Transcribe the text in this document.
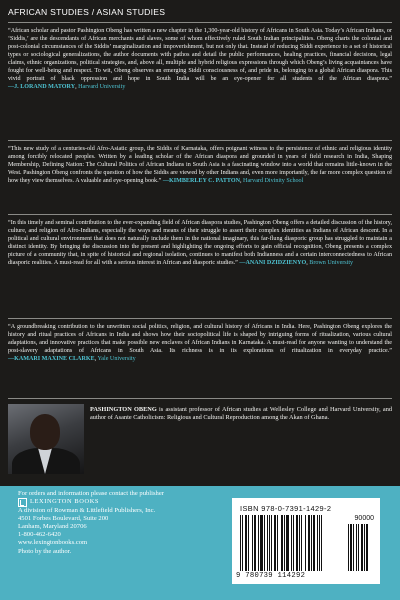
AFRICAN STUDIES / ASIAN STUDIES
“African scholar and pastor Pashington Obeng has written a new chapter in the 1,300-year-old history of Africans in South Asia. Today’s African Indians, or ‘Siddis,’ are the descendants of African merchants and slaves, some of whom effectively ruled South Indian principalities. Obeng charts the colonial and post-colonial circumstances of the Siddis’ marginalization and impoverishment, but not only that. Instead of reducing Siddi experience to a set of historical types or sociological generalizations, the author documents with pathos and detail the public performances, healing practices, financial decisions, legal claims, ethnic organizations, political strategies, and, above all, multiple and hybrid religious expressions through which Obeng’s living acquaintances have fought for well-being and respect. To wit, Obeng observes an emerging Siddi consciousness of, and pride in, belonging to a global African diaspora. This vivid portrait of black oppression and hope in South India will be an eye-opener for all students of the African diaspora.” —J. LORAND MATORY, Harvard University
“This new study of a centuries-old Afro-Asiatic group, the Siddis of Karnataka, offers poignant witness to the persistence of ethnic and religious identity among forcibly relocated peoples. Written by a leading scholar of the African diaspora and grounded in years of field research in India, Shaping Membership, Defining Nation: The Cultural Politics of African Indians in South Asia is a fascinating window into a world that remains little-known in the West. Pashington Obeng confronts the question of how the Siddis are viewed by other Indians and, even more importantly, the far more complex question of how they view themselves. A valuable and eye-opening book.” —KIMBERLEY C. PATTON, Harvard Divinity School
“In this timely and seminal contribution to the ever-expanding field of African diaspora studies, Pashington Obeng offers a detailed discussion of the history, culture, and religion of Afro-Indians, especially the ways and means of their struggle to assert their complex identities as Indians of African descent. In a political and cultural environment that does not naturally include them in the national imaginary, this far-flung diasporic group has struggled to maintain a distinct identity. By bringing the discussion into the present and highlighting the ongoing efforts to gain official recognition, Obeng presents a complex picture of a community that, in spite of historical and regional isolation, continues to manifest both Indianness and a certain interconnectedness to African diasporic realities. A must-read for all with a serious interest in African and diasporic studies.” —ANANI DZIDZIENYO, Brown University
“A groundbreaking contribution to the unwritten social politics, religion, and cultural history of Africans in India. Here, Pashington Obeng explores the history and ritual practices of Africans in India and shows how their sociopolitical life is shaped by intriguing forms of ritualization, various cultural adaptations, and innovative practices that make possible new enclaves of African Indians in Karnataka. A must-read for anyone wanting to understand the post-slavery adaptations of Africans in South Asia. Its richness is in its explorations of ritualization in everyday practice.” —KAMARI MAXINE CLARKE, Yale University
PASHINGTON OBENG is assistant professor of African studies at Wellesley College and Harvard University, and author of Asante Catholicism: Religious and Cultural Reproduction among the Akan of Ghana.
For orders and information please contact the publisher
LEXINGTON BOOKS
A division of Rowman & Littlefield Publishers, Inc.
4501 Forbes Boulevard, Suite 200
Lanham, Maryland 20706
1-800-462-6420
www.lexingtonbooks.com
Photo by the author.
ISBN 978-0-7391-1429-2
90000
9 780739 114292
